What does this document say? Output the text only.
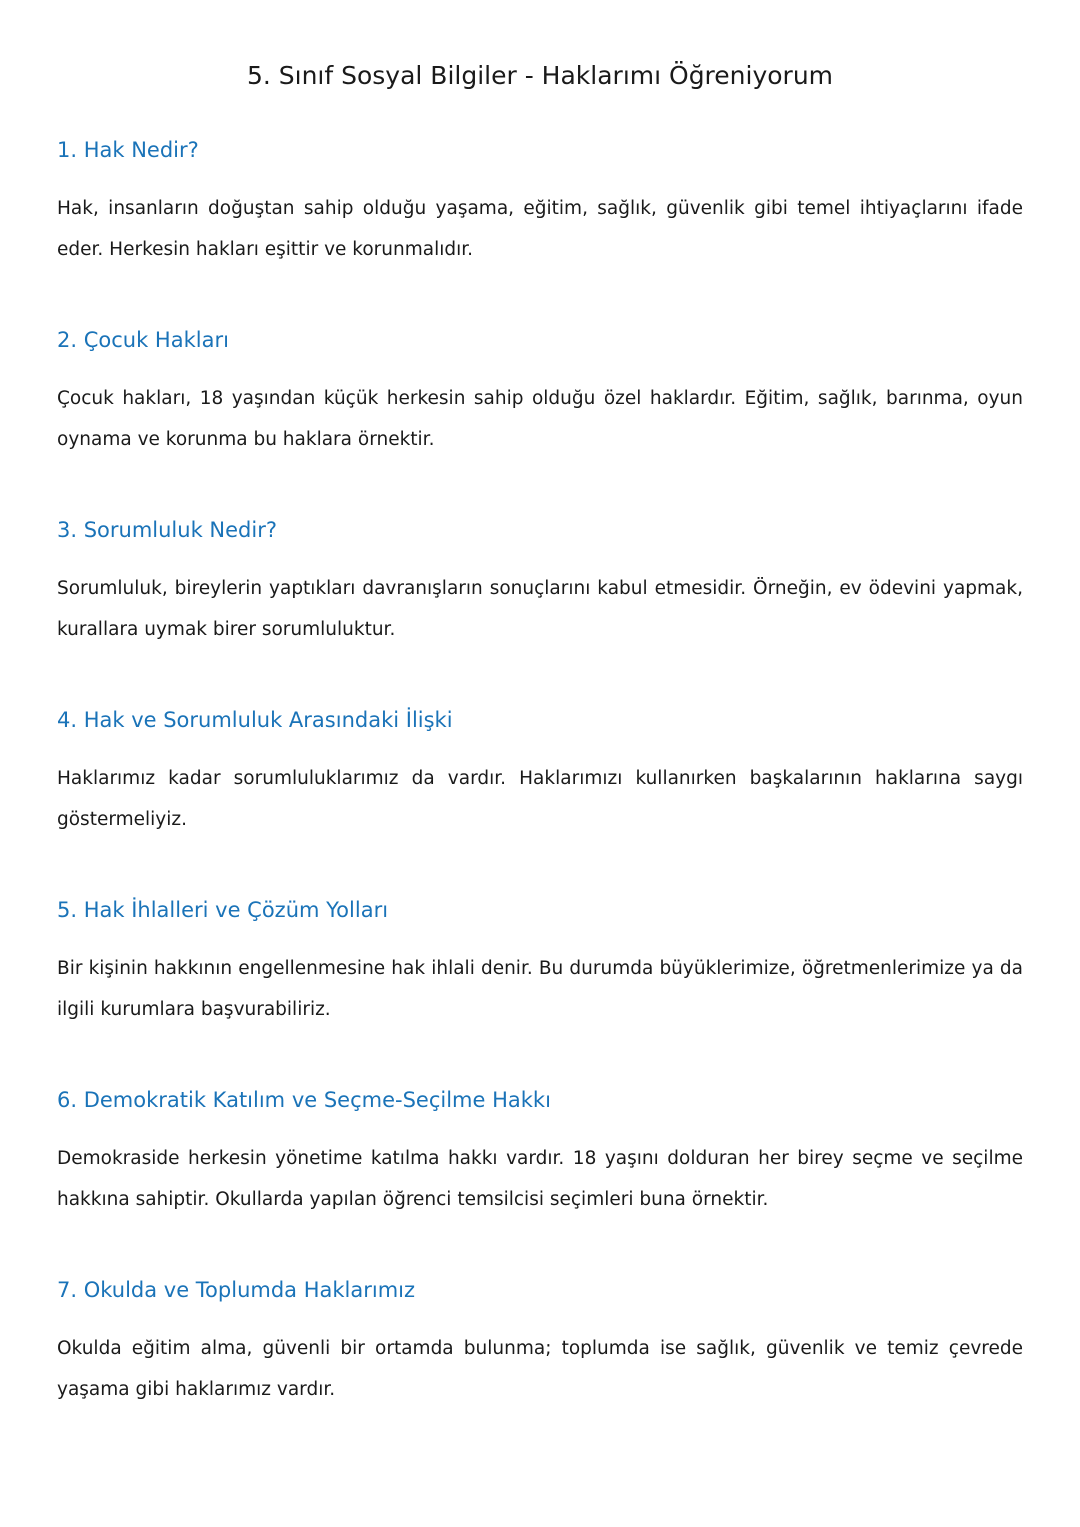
5. Sınıf Sosyal Bilgiler - Haklarımı Öğreniyorum
1. Hak Nedir?

Hak, insanların doğuştan sahip olduğu yaşama, eğitim, sağlık, güvenlik gibi temel ihtiyaçlarını ifade eder. Herkesin hakları eşittir ve korunmalıdır.

2. Çocuk Hakları

Çocuk hakları, 18 yaşından küçük herkesin sahip olduğu özel haklardır. Eğitim, sağlık, barınma, oyun oynama ve korunma bu haklara örnektir.

3. Sorumluluk Nedir?

Sorumluluk, bireylerin yaptıkları davranışların sonuçlarını kabul etmesidir. Örneğin, ev ödevini yapmak, kurallara uymak birer sorumluluktur.

4. Hak ve Sorumluluk Arasındaki İlişki

Haklarımız kadar sorumluluklarımız da vardır. Haklarımızı kullanırken başkalarının haklarına saygı göstermeliyiz.

5. Hak İhlalleri ve Çözüm Yolları

Bir kişinin hakkının engellenmesine hak ihlali denir. Bu durumda büyüklerimize, öğretmenlerimize ya da ilgili kurumlara başvurabiliriz.

6. Demokratik Katılım ve Seçme-Seçilme Hakkı

Demokraside herkesin yönetime katılma hakkı vardır. 18 yaşını dolduran her birey seçme ve seçilme hakkına sahiptir. Okullarda yapılan öğrenci temsilcisi seçimleri buna örnektir.

7. Okulda ve Toplumda Haklarımız

Okulda eğitim alma, güvenli bir ortamda bulunma; toplumda ise sağlık, güvenlik ve temiz çevrede yaşama gibi haklarımız vardır.
